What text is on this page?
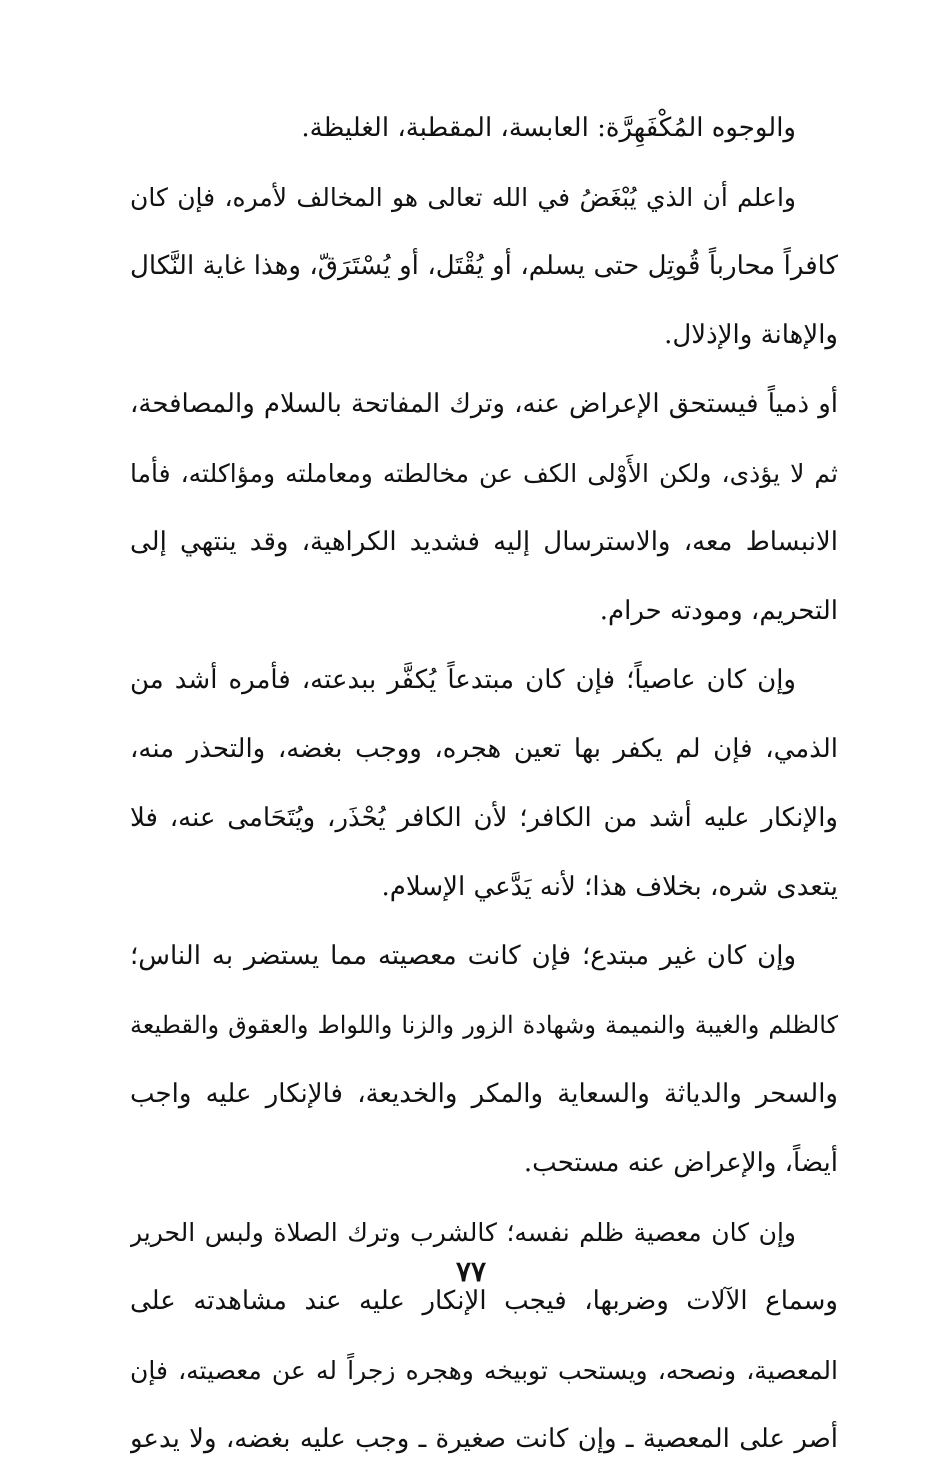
والوجوه المُكْفَهِرَّة: العابسة، المقطبة، الغليظة.
واعلم أن الذي يُبْغَضُ في الله تعالى هو المخالف لأمره، فإن كان
كافراً محارباً قُوتِل حتى يسلم، أو يُقْتَل، أو يُسْتَرَقّ، وهذا غاية النَّكال
والإهانة والإذلال.
أو ذمياً فيستحق الإعراض عنه، وترك المفاتحة بالسلام والمصافحة،
ثم لا يؤذى، ولكن الأَوْلى الكف عن مخالطته ومعاملته ومؤاكلته، فأما
الانبساط معه، والاسترسال إليه فشديد الكراهية، وقد ينتهي إلى
التحريم، ومودته حرام.
وإن كان عاصياً؛ فإن كان مبتدعاً يُكفَّر ببدعته، فأمره أشد من
الذمي، فإن لم يكفر بها تعين هجره، ووجب بغضه، والتحذر منه،
والإنكار عليه أشد من الكافر؛ لأن الكافر يُحْذَر، ويُتَحَامى عنه، فلا
يتعدى شره، بخلاف هذا؛ لأنه يَدَّعي الإسلام.
وإن كان غير مبتدع؛ فإن كانت معصيته مما يستضر به الناس؛
كالظلم والغيبة والنميمة وشهادة الزور والزنا واللواط والعقوق والقطيعة
والسحر والدياثة والسعاية والمكر والخديعة، فالإنكار عليه واجب
أيضاً، والإعراض عنه مستحب.
وإن كان معصية ظلم نفسه؛ كالشرب وترك الصلاة ولبس الحرير
وسماع الآلات وضربها، فيجب الإنكار عليه عند مشاهدته على
المعصية، ونصحه، ويستحب توبيخه وهجره زجراً له عن معصيته، فإن
أصر على المعصية ـ وإن كانت صغيرة ـ وجب عليه بغضه، ولا يدعو
٧٧
